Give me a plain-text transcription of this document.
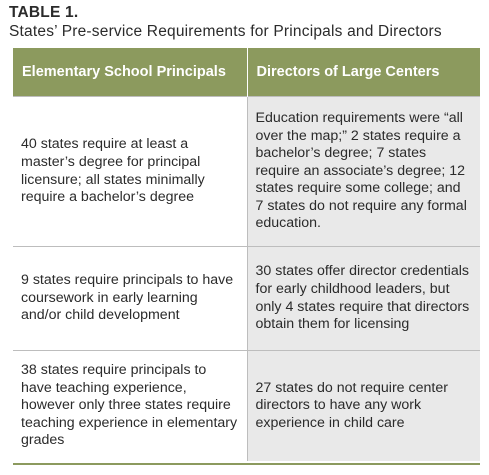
TABLE 1.
States’ Pre-service Requirements for Principals and Directors
Elementary School Principals	Directors of Large Centers
40 states require at least a master’s degree for principal licensure; all states minimally require a bachelor’s degree	Education requirements were “all over the map;” 2 states require a bachelor’s degree; 7 states require an associate’s degree; 12 states require some college; and 7 states do not require any formal education.
9 states require principals to have coursework in early learning and/or child development	30 states offer director credentials for early childhood leaders, but only 4 states require that directors obtain them for licensing
38 states require principals to have teaching experience, however only three states require teaching experience in elementary grades	27 states do not require center directors to have any work experience in child care
